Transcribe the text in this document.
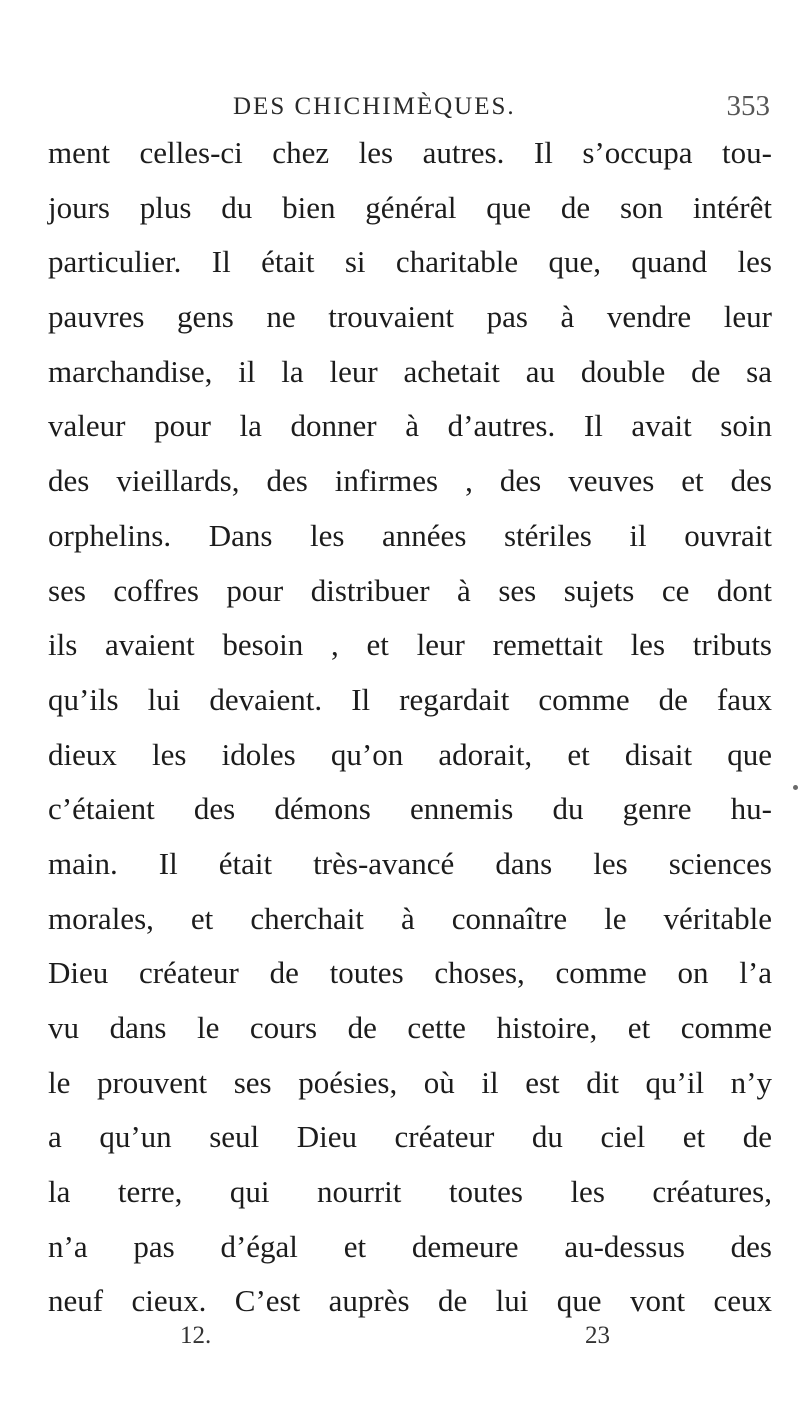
DES CHICHIMÈQUES.	353
ment celles-ci chez les autres. Il s’occupa tou-
jours plus du bien général que de son intérêt
particulier. Il était si charitable que, quand les
pauvres gens ne trouvaient pas à vendre leur
marchandise, il la leur achetait au double de sa
valeur pour la donner à d’autres. Il avait soin
des vieillards, des infirmes , des veuves et des
orphelins. Dans les années stériles il ouvrait
ses coffres pour distribuer à ses sujets ce dont
ils avaient besoin , et leur remettait les tributs
qu’ils lui devaient. Il regardait comme de faux
dieux les idoles qu’on adorait, et disait que
c’étaient des démons ennemis du genre hu-
main. Il était très-avancé dans les sciences
morales, et cherchait à connaître le véritable
Dieu créateur de toutes choses, comme on l’a
vu dans le cours de cette histoire, et comme
le prouvent ses poésies, où il est dit qu’il n’y
a qu’un seul Dieu créateur du ciel et de
la terre, qui nourrit toutes les créatures,
n’a pas d’égal et demeure au-dessus des
neuf cieux. C’est auprès de lui que vont ceux
12.	23
